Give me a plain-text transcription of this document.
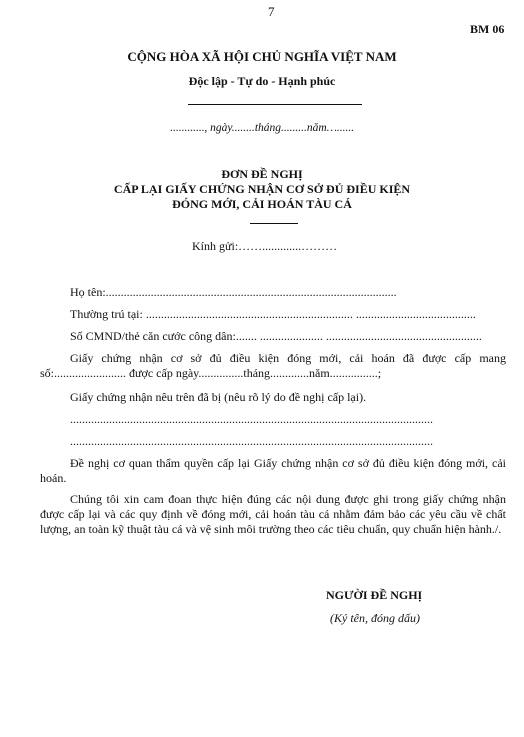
7
BM 06
CỘNG HÒA XÃ HỘI CHỦ NGHĨA VIỆT NAM
Độc lập - Tự do - Hạnh phúc
............, ngày........tháng.........năm…......
ĐƠN ĐỀ NGHỊ
CẤP LẠI GIẤY CHỨNG NHẬN CƠ SỞ ĐỦ ĐIỀU KIỆN
ĐÓNG MỚI, CẢI HOÁN TÀU CÁ
Kính gửi:…….............………
Họ tên:.................................................................................................
Thường trú tại: ..................................................................... ........................................
Số CMND/thẻ căn cước công dân:....... ..................... ....................................................
Giấy chứng nhận cơ sở đủ điều kiện đóng mới, cải hoán đã được cấp mang số:........................ được cấp ngày...............tháng.............năm................;
Giấy chứng nhận nêu trên đã bị (nêu rõ lý do đề nghị cấp lại).
.........................................................................................................................
.........................................................................................................................
Đề nghị cơ quan thẩm quyền cấp lại Giấy chứng nhận cơ sở đủ điều kiện đóng mới, cải hoán.
Chúng tôi xin cam đoan thực hiện đúng các nội dung được ghi trong giấy chứng nhận được cấp lại và các quy định về đóng mới, cải hoán tàu cá nhằm đảm bảo các yêu cầu về chất lượng, an toàn kỹ thuật tàu cá và vệ sinh môi trường theo các tiêu chuẩn, quy chuẩn hiện hành./.
NGƯỜI ĐỀ NGHỊ
(Ký tên, đóng dấu)
